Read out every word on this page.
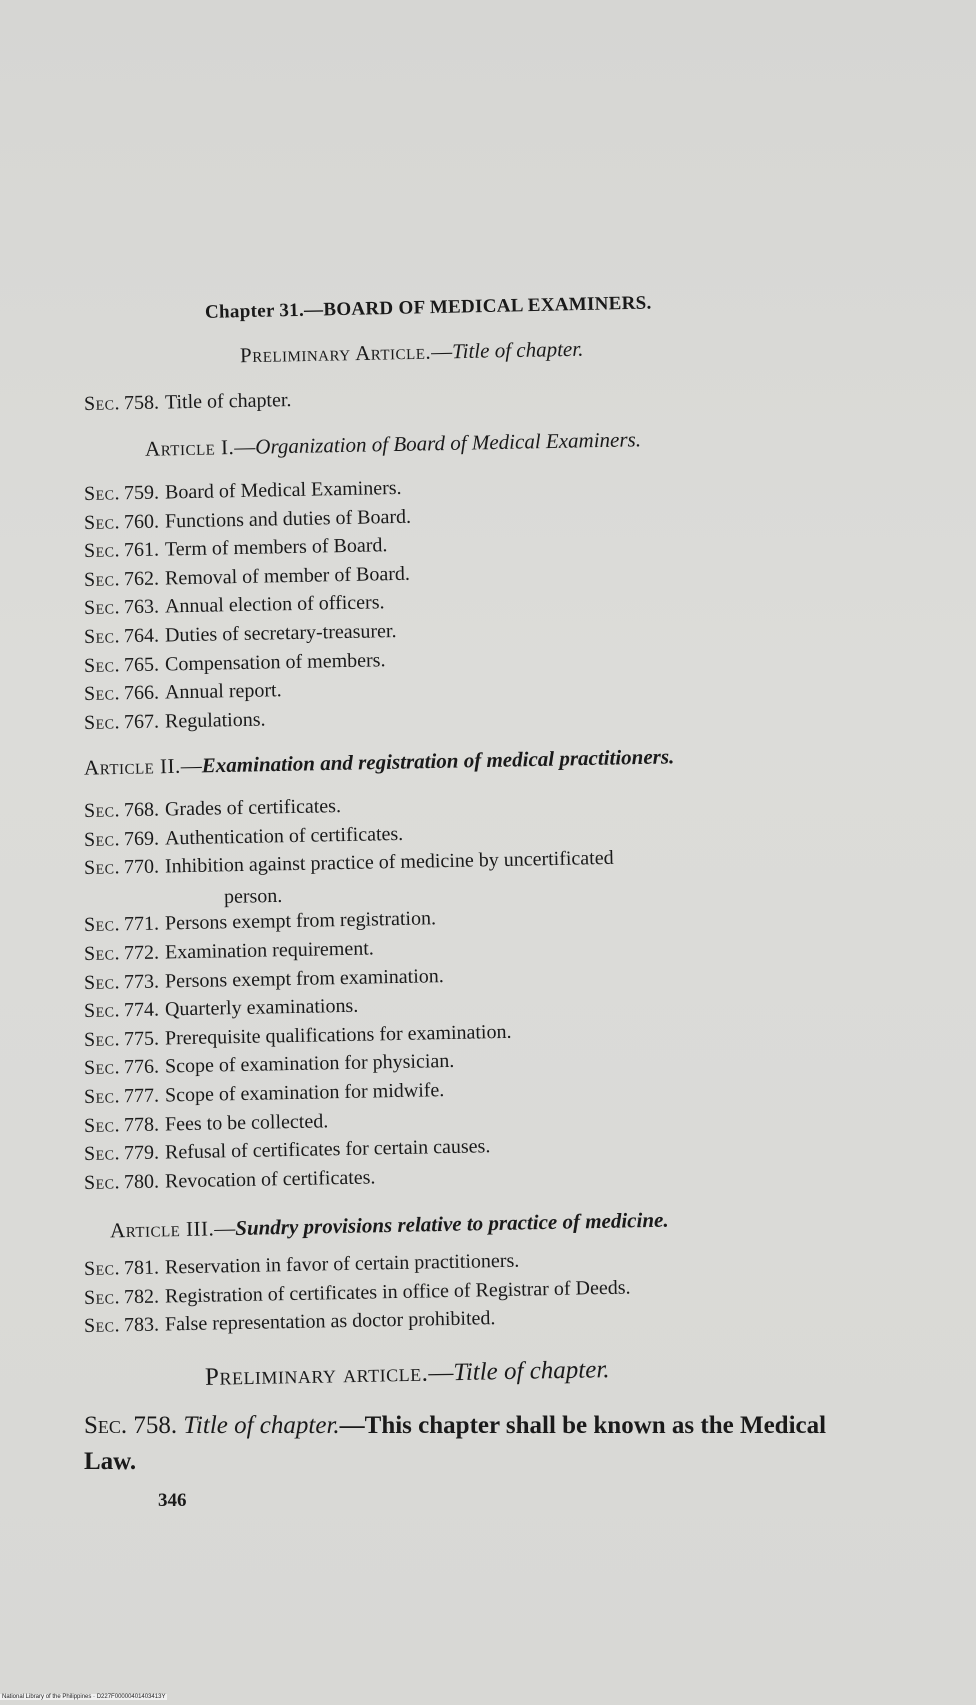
Chapter 31.—BOARD OF MEDICAL EXAMINERS.
Preliminary Article.—Title of chapter.
Article I.—Organization of Board of Medical Examiners.
Article II.—Examination and registration of medical practitioners.
Article III.—Sundry provisions relative to practice of medicine.
Preliminary article.—Title of chapter.
Sec. 758. Title of chapter.
Sec. 759. Board of Medical Examiners.
Sec. 760. Functions and duties of Board.
Sec. 761. Term of members of Board.
Sec. 762. Removal of member of Board.
Sec. 763. Annual election of officers.
Sec. 764. Duties of secretary-treasurer.
Sec. 765. Compensation of members.
Sec. 766. Annual report.
Sec. 767. Regulations.
Sec. 768. Grades of certificates.
Sec. 769. Authentication of certificates.
Sec. 770. Inhibition against practice of medicine by uncertificated
person.
Sec. 771. Persons exempt from registration.
Sec. 772. Examination requirement.
Sec. 773. Persons exempt from examination.
Sec. 774. Quarterly examinations.
Sec. 775. Prerequisite qualifications for examination.
Sec. 776. Scope of examination for physician.
Sec. 777. Scope of examination for midwife.
Sec. 778. Fees to be collected.
Sec. 779. Refusal of certificates for certain causes.
Sec. 780. Revocation of certificates.
Sec. 781. Reservation in favor of certain practitioners.
Sec. 782. Registration of certificates in office of Registrar of Deeds.
Sec. 783. False representation as doctor prohibited.
Sec. 758. Title of chapter.—This chapter shall be known as the Medical Law.
346
National Library of the Philippines · D227F00000401403413Y
